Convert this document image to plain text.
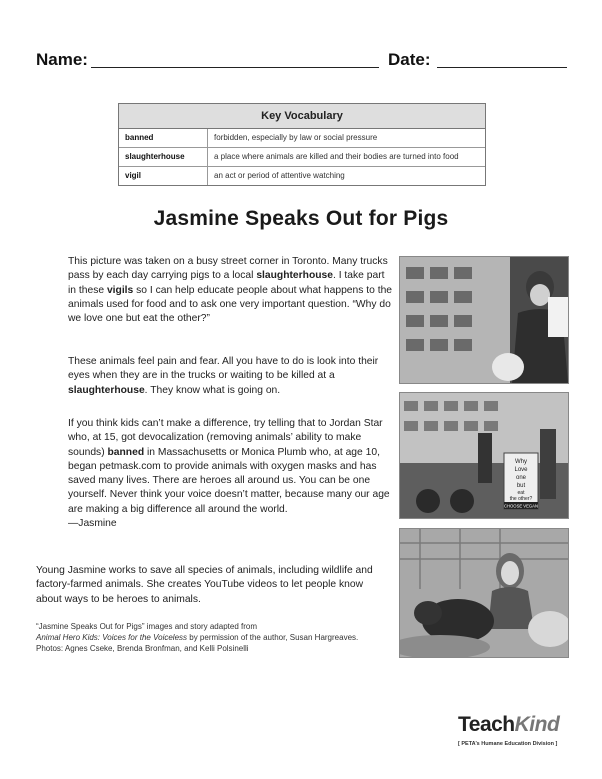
Name:	Date:
Key Vocabulary
banned	forbidden, especially by law or social pressure
slaughterhouse	a place where animals are killed and their bodies are turned into food
vigil	an act or period of attentive watching
Jasmine Speaks Out for Pigs

This picture was taken on a busy street corner in Toronto. Many trucks pass by each day carrying pigs to a local slaughterhouse. I take part in these vigils so I can help educate people about what happens to the animals used for food and to ask one very important question. “Why do we love one but eat the other?”

These animals feel pain and fear. All you have to do is look into their eyes when they are in the trucks or waiting to be killed at a slaughterhouse. They know what is going on.

If you think kids can’t make a difference, try telling that to Jordan Star who, at 15, got devocalization (removing animals’ ability to make sounds) banned in Massachusetts or Monica Plumb who, at age 10, began petmask.com to provide animals with oxygen masks and has saved many lives. There are heroes all around us. You can be one yourself. Never think your voice doesn’t matter, because many our age are making a big difference all around the world.

—Jasmine

Young Jasmine works to save all species of animals, including wildlife and factory-farmed animals. She creates YouTube videos to let people know about ways to be heroes to animals.

“Jasmine Speaks Out for Pigs” images and story adapted from
Animal Hero Kids: Voices for the Voiceless by permission of the author, Susan Hargreaves.
Photos: Agnes Cseke, Brenda Bronfman, and Kelli Polsinelli
Why
Love
one
but
eat
the other?
CHOOSE VEGAN
TeachKind
[ PETA’s Humane Education Division ]
